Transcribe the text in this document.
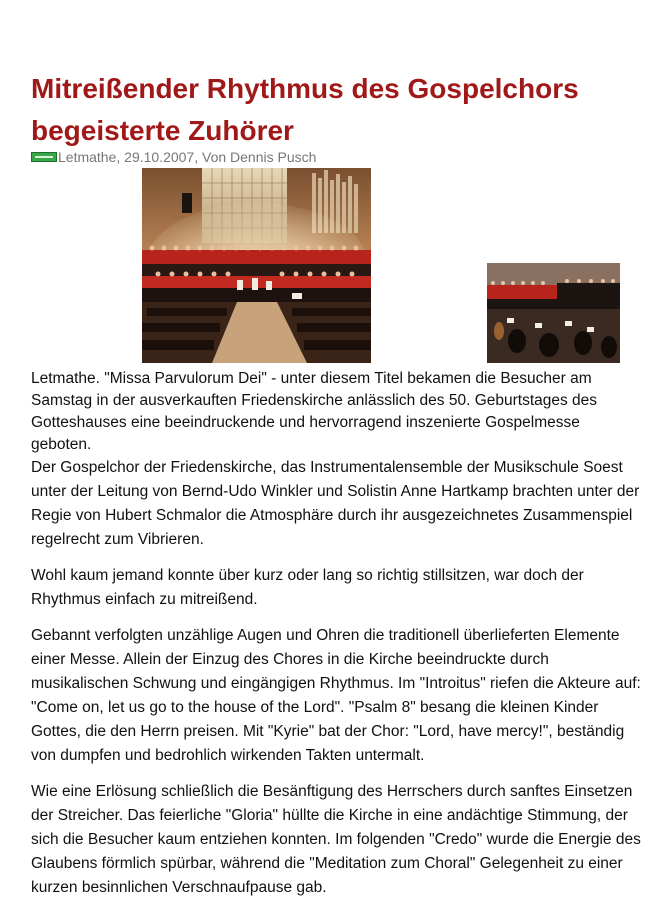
Mitreißender Rhythmus des Gospelchors begeisterte Zuhörer
Letmathe , 29.10.2007, Von Dennis Pusch

Letmathe. "Missa Parvulorum Dei" - unter diesem Titel bekamen die Besucher am Samstag in der ausverkauften Friedenskirche anlässlich des 50. Geburtstages des Gotteshauses eine beeindruckende und hervorragend inszenierte Gospelmesse geboten.

Der Gospelchor der Friedenskirche, das Instrumentalensemble der Musikschule Soest unter der Leitung von Bernd-Udo Winkler und Solistin Anne Hartkamp brachten unter der Regie von Hubert Schmalor die Atmosphäre durch ihr ausgezeichnetes Zusammenspiel regelrecht zum Vibrieren.

Wohl kaum jemand konnte über kurz oder lang so richtig stillsitzen, war doch der Rhythmus einfach zu mitreißend.

Gebannt verfolgten unzählige Augen und Ohren die traditionell überlieferten Elemente einer Messe. Allein der Einzug des Chores in die Kirche beeindruckte durch musikalischen Schwung und eingängigen Rhythmus. Im "Introitus" riefen die Akteure auf: "Come on, let us go to the house of the Lord". "Psalm 8" besang die kleinen Kinder Gottes, die den Herrn preisen. Mit "Kyrie" bat der Chor: "Lord, have mercy!", beständig von dumpfen und bedrohlich wirkenden Takten untermalt.

Wie eine Erlösung schließlich die Besänftigung des Herrschers durch sanftes Einsetzen der Streicher. Das feierliche "Gloria" hüllte die Kirche in eine andächtige Stimmung, der sich die Besucher kaum entziehen konnten. Im folgenden "Credo" wurde die Energie des Glaubens förmlich spürbar, während die "Meditation zum Choral" Gelegenheit zu einer kurzen besinnlichen Verschnaufpause gab.
